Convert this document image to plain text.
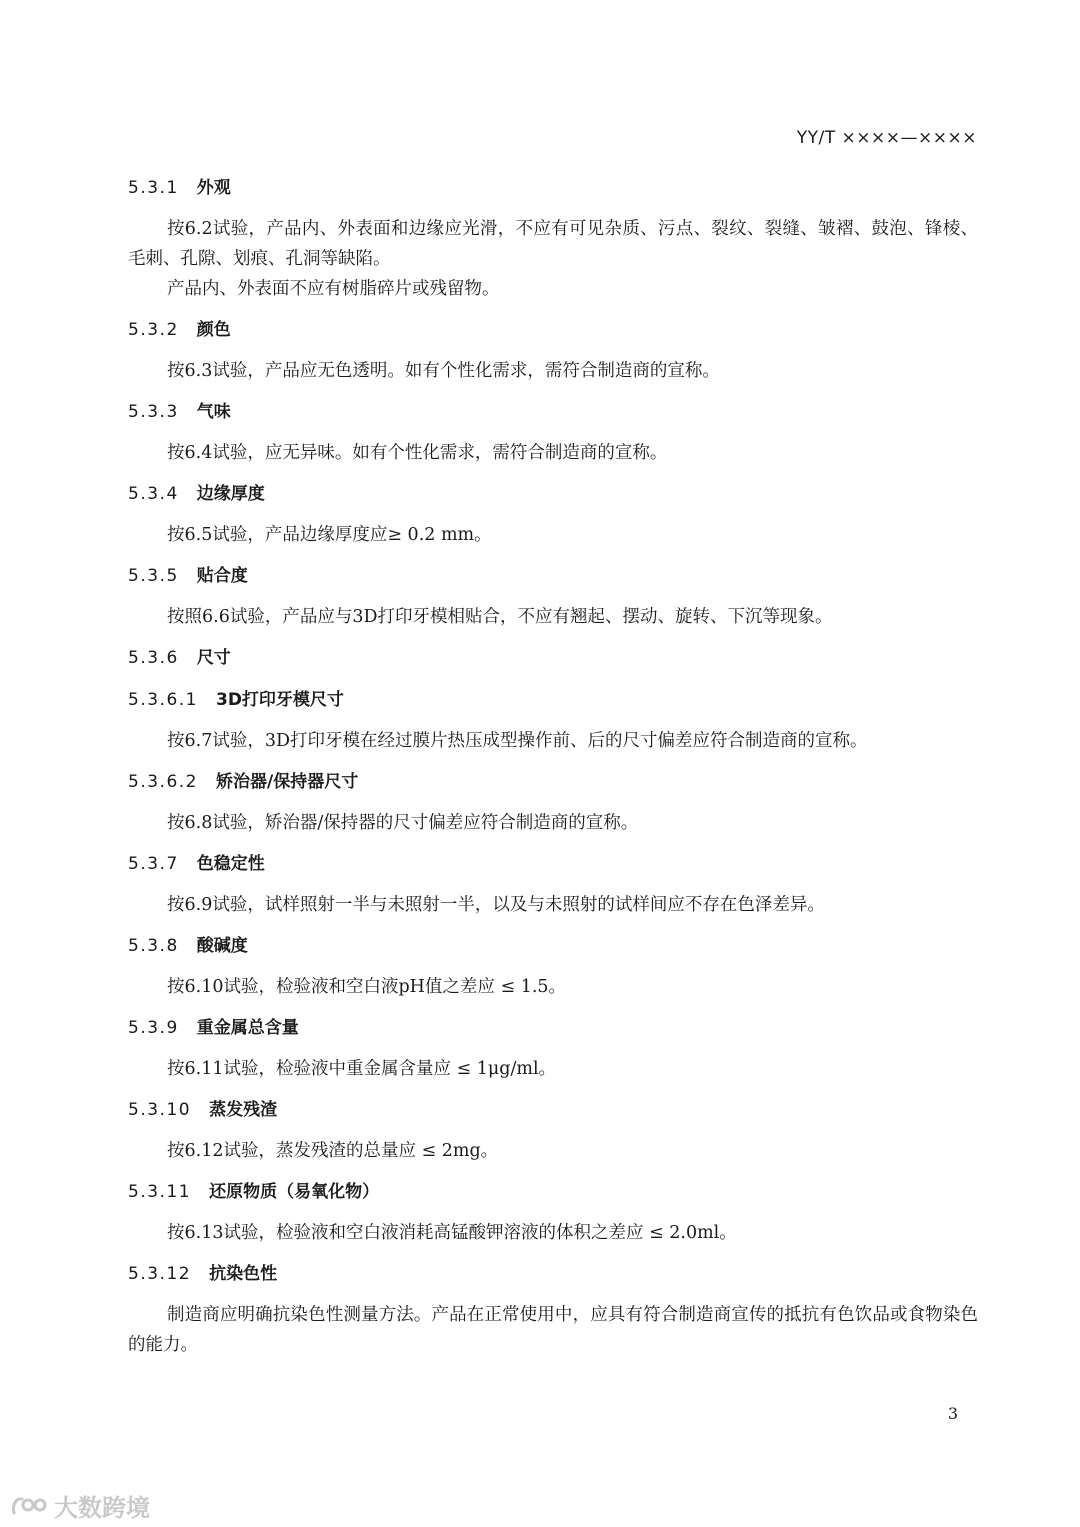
YY/T ××××—××××
5.3.1 外观

按6.2试验，产品内、外表面和边缘应光滑，不应有可见杂质、污点、裂纹、裂缝、皱褶、鼓泡、锋棱、毛刺、孔隙、划痕、孔洞等缺陷。

产品内、外表面不应有树脂碎片或残留物。

5.3.2 颜色

按6.3试验，产品应无色透明。如有个性化需求，需符合制造商的宣称。

5.3.3 气味

按6.4试验，应无异味。如有个性化需求，需符合制造商的宣称。

5.3.4 边缘厚度

按6.5试验，产品边缘厚度应≥ 0.2 mm。

5.3.5 贴合度

按照6.6试验，产品应与3D打印牙模相贴合，不应有翘起、摆动、旋转、下沉等现象。

5.3.6 尺寸
5.3.6.1 3D打印牙模尺寸

按6.7试验，3D打印牙模在经过膜片热压成型操作前、后的尺寸偏差应符合制造商的宣称。

5.3.6.2 矫治器/保持器尺寸

按6.8试验，矫治器/保持器的尺寸偏差应符合制造商的宣称。

5.3.7 色稳定性

按6.9试验，试样照射一半与未照射一半，以及与未照射的试样间应不存在色泽差异。

5.3.8 酸碱度

按6.10试验，检验液和空白液pH值之差应 ≤ 1.5。

5.3.9 重金属总含量

按6.11试验，检验液中重金属含量应 ≤ 1μg/ml。

5.3.10 蒸发残渣

按6.12试验，蒸发残渣的总量应 ≤ 2mg。

5.3.11 还原物质（易氧化物）

按6.13试验，检验液和空白液消耗高锰酸钾溶液的体积之差应 ≤ 2.0ml。

5.3.12 抗染色性

制造商应明确抗染色性测量方法。产品在正常使用中，应具有符合制造商宣传的抵抗有色饮品或食物染色的能力。

3
大数跨境
